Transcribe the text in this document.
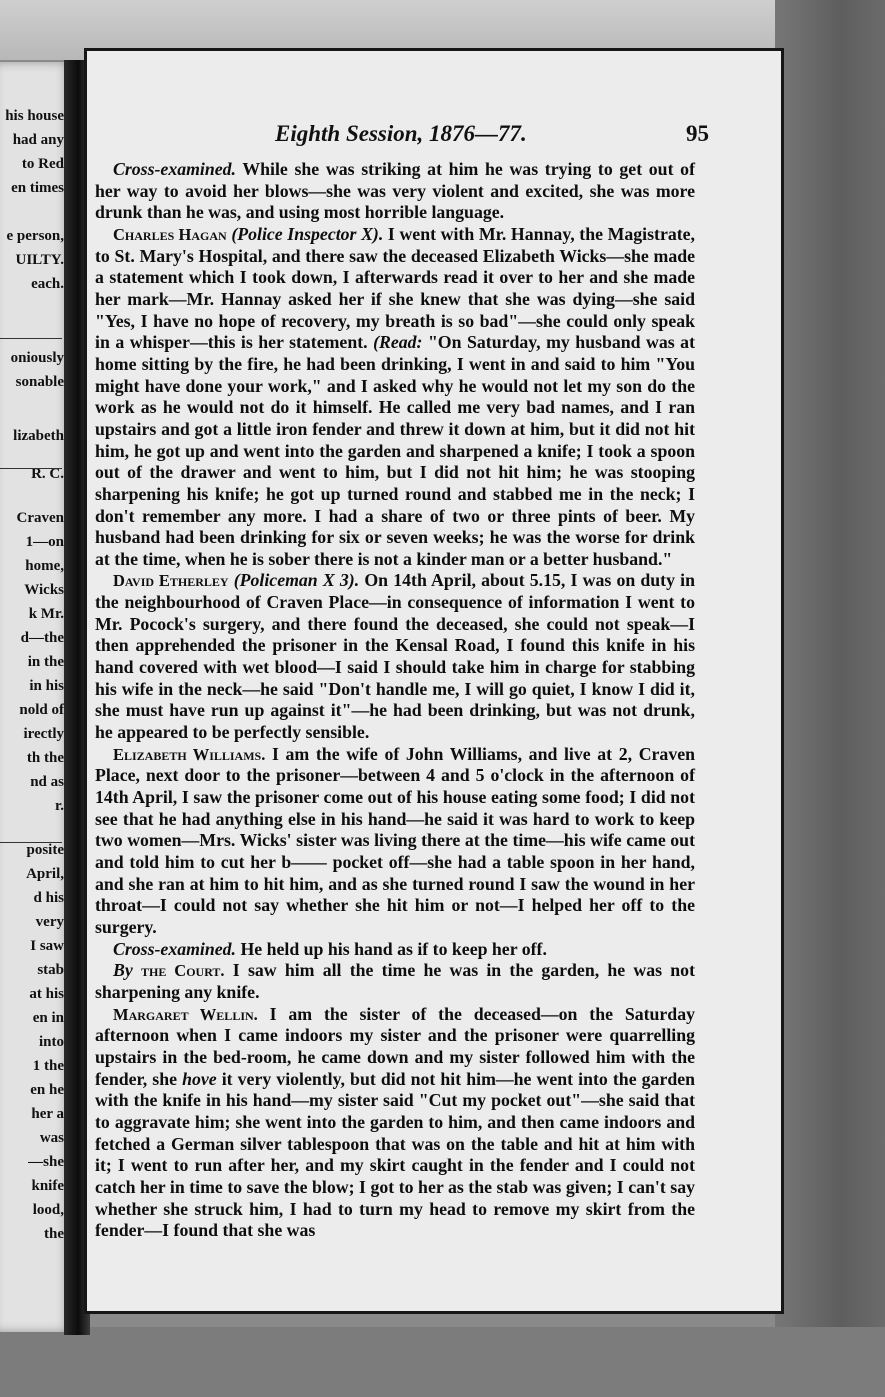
his house
had any
to Red
en times
e person,
UILTY.
each.
oniously
sonable
lizabeth
R. C.
Craven
1—on
home,
Wicks
k Mr.
d—the
in the
in his
nold of
irectly
th the
nd as
r.
posite
April,
d his
very
I saw
stab
at his
en in
into
1 the
en he
her a
was
—she
knife
lood,
the
Eighth Session, 1876—77.	95

Cross-examined. While she was striking at him he was trying to get out of her way to avoid her blows—she was very violent and excited, she was more drunk than he was, and using most horrible language.

Charles Hagan (Police Inspector X). I went with Mr. Hannay, the Magistrate, to St. Mary's Hospital, and there saw the deceased Elizabeth Wicks—she made a statement which I took down, I afterwards read it over to her and she made her mark—Mr. Hannay asked her if she knew that she was dying—she said "Yes, I have no hope of recovery, my breath is so bad"—she could only speak in a whisper—this is her statement. (Read: "On Saturday, my husband was at home sitting by the fire, he had been drinking, I went in and said to him "You might have done your work," and I asked why he would not let my son do the work as he would not do it himself. He called me very bad names, and I ran upstairs and got a little iron fender and threw it down at him, but it did not hit him, he got up and went into the garden and sharpened a knife; I took a spoon out of the drawer and went to him, but I did not hit him; he was stooping sharpening his knife; he got up turned round and stabbed me in the neck; I don't remember any more. I had a share of two or three pints of beer. My husband had been drinking for six or seven weeks; he was the worse for drink at the time, when he is sober there is not a kinder man or a better husband."

David Etherley (Policeman X 3). On 14th April, about 5.15, I was on duty in the neighbourhood of Craven Place—in consequence of information I went to Mr. Pocock's surgery, and there found the deceased, she could not speak—I then apprehended the prisoner in the Kensal Road, I found this knife in his hand covered with wet blood—I said I should take him in charge for stabbing his wife in the neck—he said "Don't handle me, I will go quiet, I know I did it, she must have run up against it"—he had been drinking, but was not drunk, he appeared to be perfectly sensible.

Elizabeth Williams. I am the wife of John Williams, and live at 2, Craven Place, next door to the prisoner—between 4 and 5 o'clock in the afternoon of 14th April, I saw the prisoner come out of his house eating some food; I did not see that he had anything else in his hand—he said it was hard to work to keep two women—Mrs. Wicks' sister was living there at the time—his wife came out and told him to cut her b—— pocket off—she had a table spoon in her hand, and she ran at him to hit him, and as she turned round I saw the wound in her throat—I could not say whether she hit him or not—I helped her off to the surgery.

Cross-examined. He held up his hand as if to keep her off.

By the Court. I saw him all the time he was in the garden, he was not sharpening any knife.

Margaret Wellin. I am the sister of the deceased—on the Saturday afternoon when I came indoors my sister and the prisoner were quarrelling upstairs in the bed-room, he came down and my sister followed him with the fender, she hove it very violently, but did not hit him—he went into the garden with the knife in his hand—my sister said "Cut my pocket out"—she said that to aggravate him; she went into the garden to him, and then came indoors and fetched a German silver tablespoon that was on the table and hit at him with it; I went to run after her, and my skirt caught in the fender and I could not catch her in time to save the blow; I got to her as the stab was given; I can't say whether she struck him, I had to turn my head to remove my skirt from the fender—I found that she was
